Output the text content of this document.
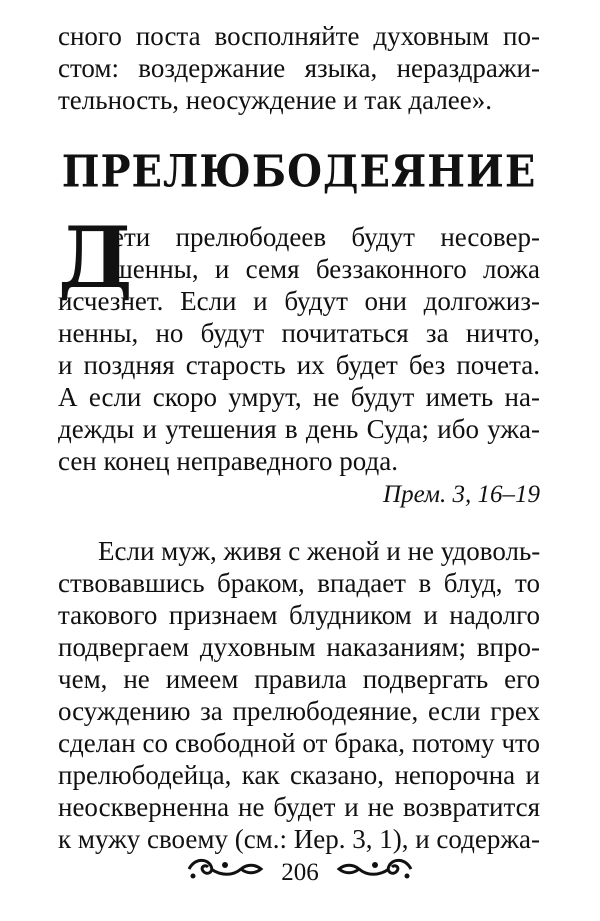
сного поста восполняйте духовным по-
стом: воздержание языка, нераздражи-
тельность, неосуждение и так далее».
ПРЕЛЮБОДЕЯНИЕ
Д
ети прелюбодеев будут несовер-
шенны, и семя беззаконного ложа
исчезнет. Если и будут они долгожиз-
ненны, но будут почитаться за ничто,
и поздняя старость их будет без почета.
А если скоро умрут, не будут иметь на-
дежды и утешения в день Суда; ибо ужа-
сен конец неправедного рода.
Прем. 3, 16–19
Если муж, живя с женой и не удоволь-
ствовавшись браком, впадает в блуд, то
такового признаем блудником и надолго
подвергаем духовным наказаниям; впро-
чем, не имеем правила подвергать его
осуждению за прелюбодеяние, если грех
сделан со свободной от брака, потому что
прелюбодейца, как сказано, непорочна и
неоскверненна не будет и не возвратится
к мужу своему (см.: Иер. 3, 1), и содержа-
206
